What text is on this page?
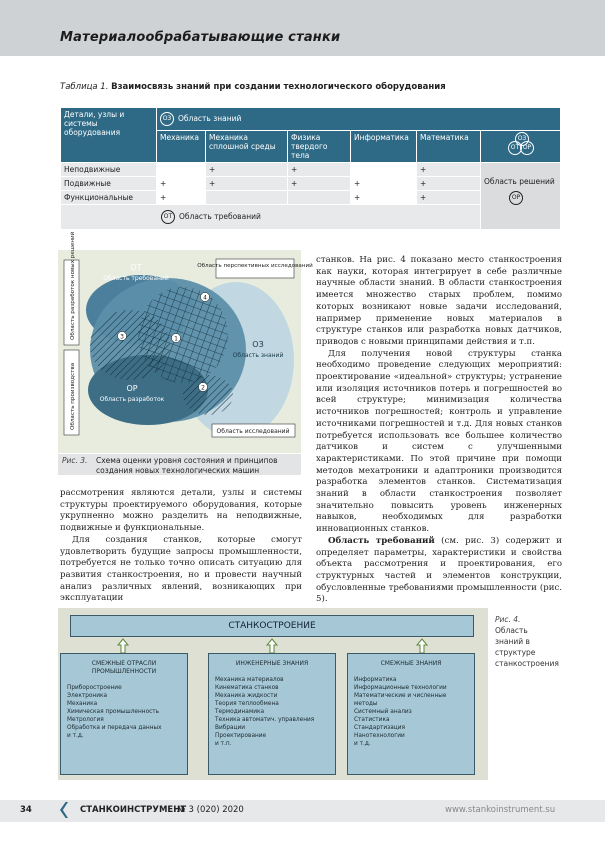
Материалообрабатывающие станки
Таблица 1. Взаимосвязь знаний при создании технологического оборудования
Детали, узлы и системы оборудования	ОЗ Область знаний					
	Механика	Механика сплошной среды	Физика твердого тела	Информатика	Математика	ОЗ
ОТ ОР

Неподвижные		+	+		+	Область решений
ОР

Подвижные	+	+	+	+	+	
Функциональные	+			+	+	
ОТ Область требований						
Область разработок новых решений
Область производства
Область перспективных исследований
Область исследований
ОТ
Область требований
ОЗ
Область знаний
ОР
Область разработок
1
2
3
4
Рис. 3. Схема оценки уровня состояния и принципов создания новых технологических машин

рассмотрения являются детали, узлы и системы структуры проектируемого оборудования, которые укрупненно можно разделить на неподвижные, подвижные и функциональные.

Для создания станков, которые смогут удовлетворить будущие запросы промышленности, потребуется не только точно описать ситуацию для развития станкостроения, но и провести научный анализ различных явлений, возникающих при эксплуатации

станков. На рис. 4 показано место станкостроения как науки, которая интегрирует в себе различные научные области знаний. В области станкостроения имеется множество старых проблем, помимо которых возникают новые задачи исследований, например применение новых материалов в структуре станков или разработка новых датчиков, приводов с новыми принципами действия и т.п.

Для получения новой структуры станка необходимо проведение следующих мероприятий: проектирование «идеальной» структуры; устранение или изоляция источников потерь и погрешностей во всей структуре; минимизация количества источников погрешностей; контроль и управление источниками погрешностей и т.д. Для новых станков потребуется использовать все большее количество датчиков и систем с улучшенными характеристиками. По этой причине при помощи методов мехатроники и адаптроники производится разработка элементов станков. Систематизация знаний в области станкостроения позволяет значительно повысить уровень инженерных навыков, необходимых для разработки инновационных станков.

Область требований (см. рис. 3) содержит и определяет параметры, характеристики и свойства объекта рассмотрения и проектирования, его структурных частей и элементов конструкции, обусловленные требованиями промышленности (рис. 5).

СТАНКОСТРОЕНИЕ
СМЕЖНЫЕ ОТРАСЛИ ПРОМЫШЛЕННОСТИ
Приборостроение
Электроника
Механика
Химическая промышленность
Метрология
Обработка и передача данных
и т.д.
ИНЖЕНЕРНЫЕ ЗНАНИЯ
Механика материалов
Кинематика станков
Механика жидкости
Теория теплообмена
Термодинамика
Техника автоматич. управления
Вибрации
Проектирование
и т.п.
СМЕЖНЫЕ ЗНАНИЯ
Информатика
Информационные технологии
Математические и численные
методы
Системный анализ
Статистика
Стандартизация
Нанотехнологии
и т.д.
Рис. 4.
Область знаний в структуре станкостроения
34	СТАНКОИНСТРУМЕНТ
№ 3 (020) 2020	www.stankoinstrument.su
